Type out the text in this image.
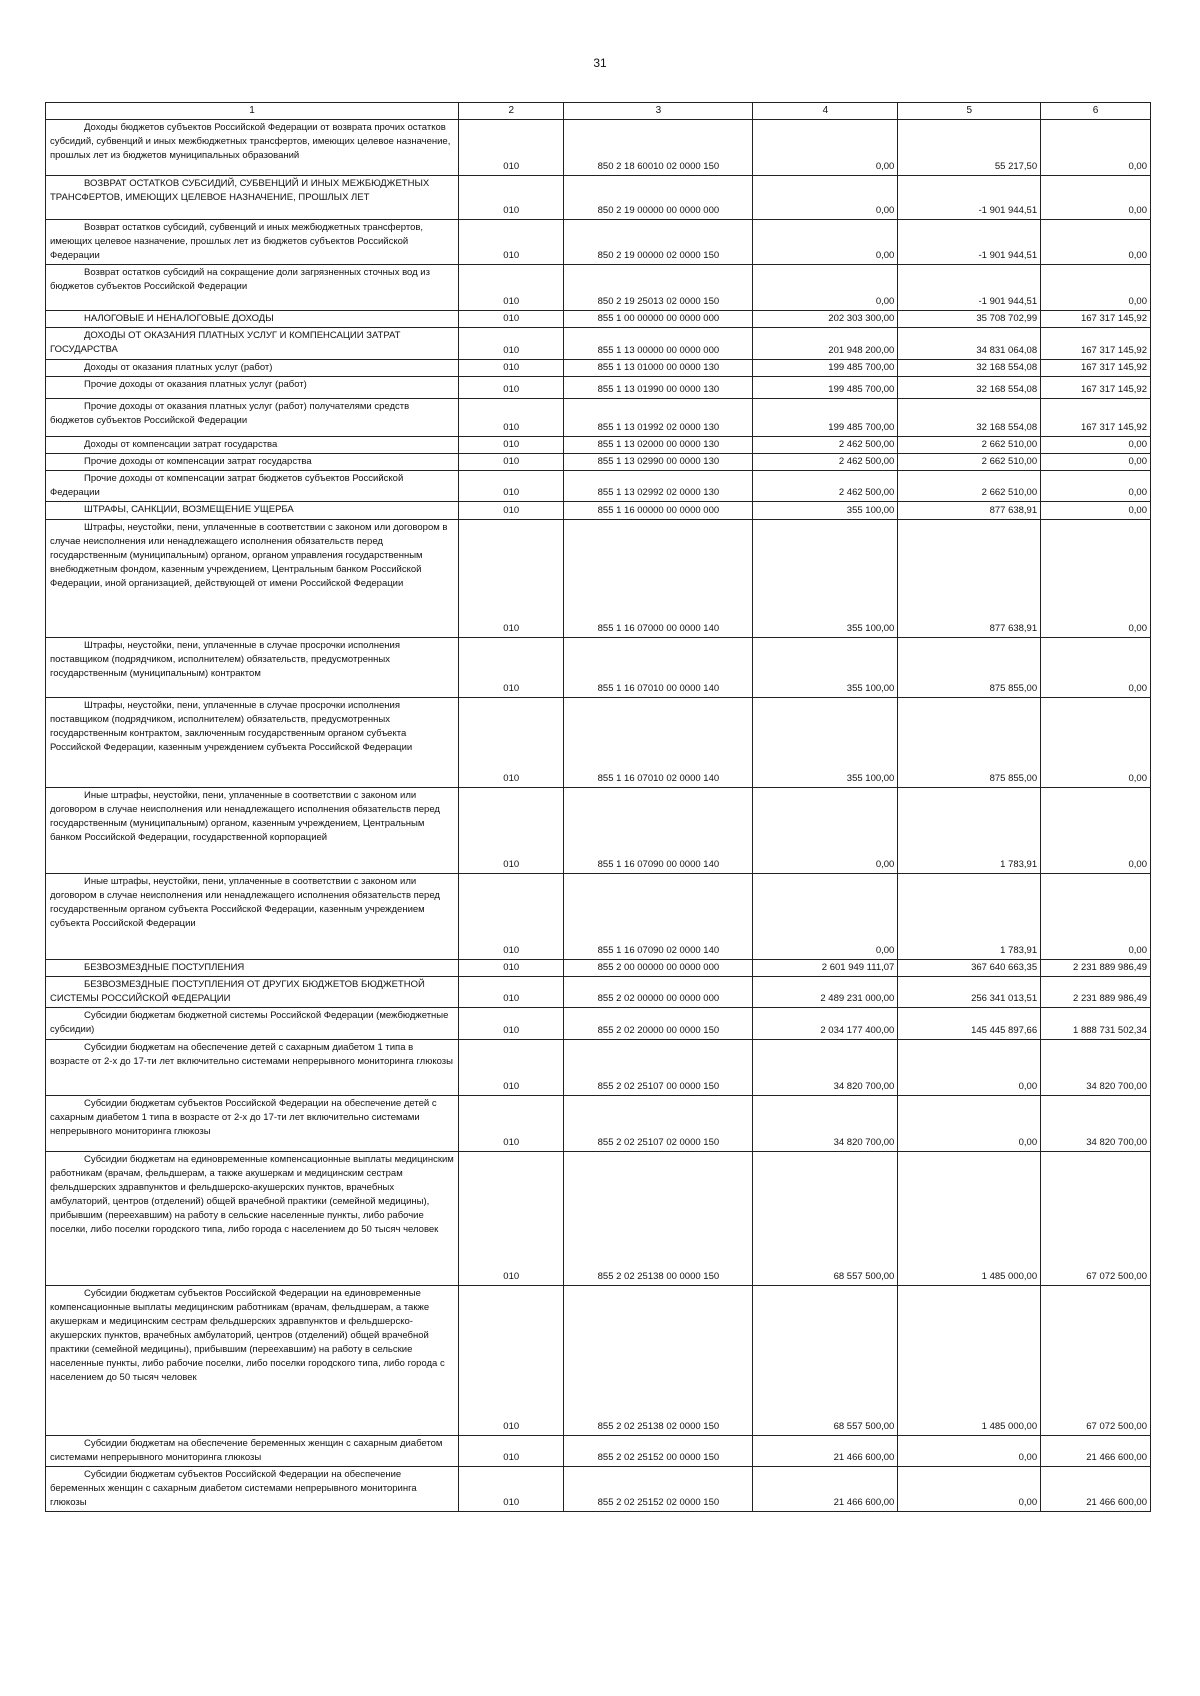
31
1	2	3	4	5	6
Доходы бюджетов субъектов Российской Федерации от возврата прочих остатков субсидий, субвенций и иных межбюджетных трансфертов, имеющих целевое назначение, прошлых лет из бюджетов муниципальных образований	010	850 2 18 60010 02 0000 150	0,00	55 217,50	0,00
ВОЗВРАТ ОСТАТКОВ СУБСИДИЙ, СУБВЕНЦИЙ И ИНЫХ МЕЖБЮДЖЕТНЫХ ТРАНСФЕРТОВ, ИМЕЮЩИХ ЦЕЛЕВОЕ НАЗНАЧЕНИЕ, ПРОШЛЫХ ЛЕТ	010	850 2 19 00000 00 0000 000	0,00	-1 901 944,51	0,00
Возврат остатков субсидий, субвенций и иных межбюджетных трансфертов, имеющих целевое назначение, прошлых лет из бюджетов субъектов Российской Федерации	010	850 2 19 00000 02 0000 150	0,00	-1 901 944,51	0,00
Возврат остатков субсидий на сокращение доли загрязненных сточных вод из бюджетов субъектов Российской Федерации	010	850 2 19 25013 02 0000 150	0,00	-1 901 944,51	0,00
НАЛОГОВЫЕ И НЕНАЛОГОВЫЕ ДОХОДЫ	010	855 1 00 00000 00 0000 000	202 303 300,00	35 708 702,99	167 317 145,92
ДОХОДЫ ОТ ОКАЗАНИЯ ПЛАТНЫХ УСЛУГ И КОМПЕНСАЦИИ ЗАТРАТ ГОСУДАРСТВА	010	855 1 13 00000 00 0000 000	201 948 200,00	34 831 064,08	167 317 145,92
Доходы от оказания платных услуг (работ)	010	855 1 13 01000 00 0000 130	199 485 700,00	32 168 554,08	167 317 145,92
Прочие доходы от оказания платных услуг (работ)	010	855 1 13 01990 00 0000 130	199 485 700,00	32 168 554,08	167 317 145,92
Прочие доходы от оказания платных услуг (работ) получателями средств бюджетов субъектов Российской Федерации	010	855 1 13 01992 02 0000 130	199 485 700,00	32 168 554,08	167 317 145,92
Доходы от компенсации затрат государства	010	855 1 13 02000 00 0000 130	2 462 500,00	2 662 510,00	0,00
Прочие доходы от компенсации затрат государства	010	855 1 13 02990 00 0000 130	2 462 500,00	2 662 510,00	0,00
Прочие доходы от компенсации затрат бюджетов субъектов Российской Федерации	010	855 1 13 02992 02 0000 130	2 462 500,00	2 662 510,00	0,00
ШТРАФЫ, САНКЦИИ, ВОЗМЕЩЕНИЕ УЩЕРБА	010	855 1 16 00000 00 0000 000	355 100,00	877 638,91	0,00
Штрафы, неустойки, пени, уплаченные в соответствии с законом или договором в случае неисполнения или ненадлежащего исполнения обязательств перед государственным (муниципальным) органом, органом управления государственным внебюджетным фондом, казенным учреждением, Центральным банком Российской Федерации, иной организацией, действующей от имени Российской Федерации	010	855 1 16 07000 00 0000 140	355 100,00	877 638,91	0,00
Штрафы, неустойки, пени, уплаченные в случае просрочки исполнения поставщиком (подрядчиком, исполнителем) обязательств, предусмотренных государственным (муниципальным) контрактом	010	855 1 16 07010 00 0000 140	355 100,00	875 855,00	0,00
Штрафы, неустойки, пени, уплаченные в случае просрочки исполнения поставщиком (подрядчиком, исполнителем) обязательств, предусмотренных государственным контрактом, заключенным государственным органом субъекта Российской Федерации, казенным учреждением субъекта Российской Федерации	010	855 1 16 07010 02 0000 140	355 100,00	875 855,00	0,00
Иные штрафы, неустойки, пени, уплаченные в соответствии с законом или договором в случае неисполнения или ненадлежащего исполнения обязательств перед государственным (муниципальным) органом, казенным учреждением, Центральным банком Российской Федерации, государственной корпорацией	010	855 1 16 07090 00 0000 140	0,00	1 783,91	0,00
Иные штрафы, неустойки, пени, уплаченные в соответствии с законом или договором в случае неисполнения или ненадлежащего исполнения обязательств перед государственным органом субъекта Российской Федерации, казенным учреждением субъекта Российской Федерации	010	855 1 16 07090 02 0000 140	0,00	1 783,91	0,00
БЕЗВОЗМЕЗДНЫЕ ПОСТУПЛЕНИЯ	010	855 2 00 00000 00 0000 000	2 601 949 111,07	367 640 663,35	2 231 889 986,49
БЕЗВОЗМЕЗДНЫЕ ПОСТУПЛЕНИЯ ОТ ДРУГИХ БЮДЖЕТОВ БЮДЖЕТНОЙ СИСТЕМЫ РОССИЙСКОЙ ФЕДЕРАЦИИ	010	855 2 02 00000 00 0000 000	2 489 231 000,00	256 341 013,51	2 231 889 986,49
Субсидии бюджетам бюджетной системы Российской Федерации (межбюджетные субсидии)	010	855 2 02 20000 00 0000 150	2 034 177 400,00	145 445 897,66	1 888 731 502,34
Субсидии бюджетам на обеспечение детей с сахарным диабетом 1 типа в возрасте от 2-х до 17-ти лет включительно системами непрерывного мониторинга глюкозы	010	855 2 02 25107 00 0000 150	34 820 700,00	0,00	34 820 700,00
Субсидии бюджетам субъектов Российской Федерации на обеспечение детей с сахарным диабетом 1 типа в возрасте от 2-х до 17-ти лет включительно системами непрерывного мониторинга глюкозы	010	855 2 02 25107 02 0000 150	34 820 700,00	0,00	34 820 700,00
Субсидии бюджетам на единовременные компенсационные выплаты медицинским работникам (врачам, фельдшерам, а также акушеркам и медицинским сестрам фельдшерских здравпунктов и фельдшерско-акушерских пунктов, врачебных амбулаторий, центров (отделений) общей врачебной практики (семейной медицины), прибывшим (переехавшим) на работу в сельские населенные пункты, либо рабочие поселки, либо поселки городского типа, либо города с населением до 50 тысяч человек	010	855 2 02 25138 00 0000 150	68 557 500,00	1 485 000,00	67 072 500,00
Субсидии бюджетам субъектов Российской Федерации на единовременные компенсационные выплаты медицинским работникам (врачам, фельдшерам, а также акушеркам и медицинским сестрам фельдшерских здравпунктов и фельдшерско-акушерских пунктов, врачебных амбулаторий, центров (отделений) общей врачебной практики (семейной медицины), прибывшим (переехавшим) на работу в сельские населенные пункты, либо рабочие поселки, либо поселки городского типа, либо города с населением до 50 тысяч человек	010	855 2 02 25138 02 0000 150	68 557 500,00	1 485 000,00	67 072 500,00
Субсидии бюджетам на обеспечение беременных женщин с сахарным диабетом системами непрерывного мониторинга глюкозы	010	855 2 02 25152 00 0000 150	21 466 600,00	0,00	21 466 600,00
Субсидии бюджетам субъектов Российской Федерации на обеспечение беременных женщин с сахарным диабетом системами непрерывного мониторинга глюкозы	010	855 2 02 25152 02 0000 150	21 466 600,00	0,00	21 466 600,00
